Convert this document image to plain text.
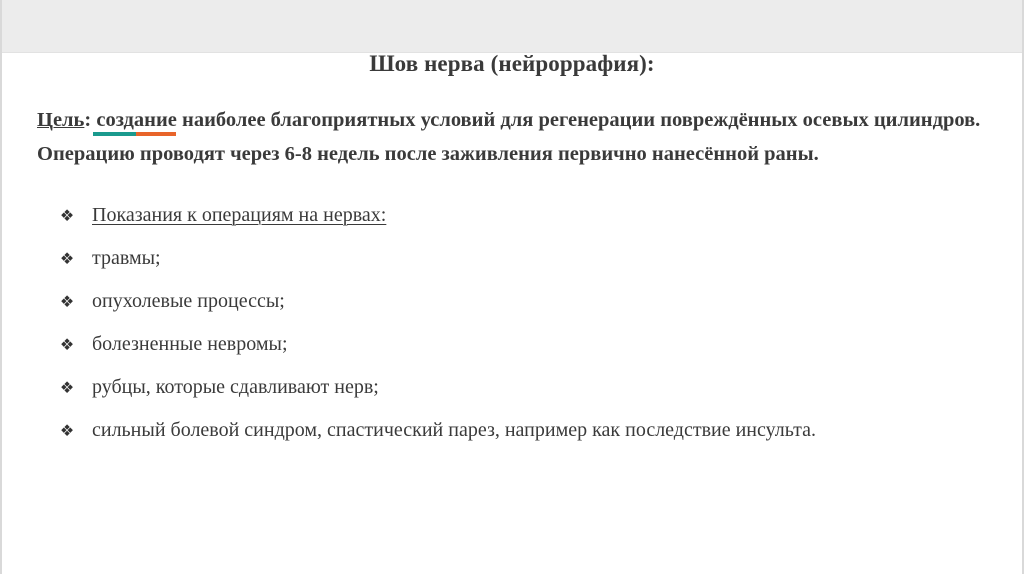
Шов нерва (нейроррафия):
Цель: создание наиболее благоприятных условий для регенерации повреждённых осевых цилиндров. Операцию проводят через 6-8 недель после заживления первично нанесённой раны.
❖ Показания к операциям на нервах:
❖ травмы;
❖ опухолевые процессы;
❖ болезненные невромы;
❖ рубцы, которые сдавливают нерв;
❖ сильный болевой синдром, спастический парез, например как последствие инсульта.
